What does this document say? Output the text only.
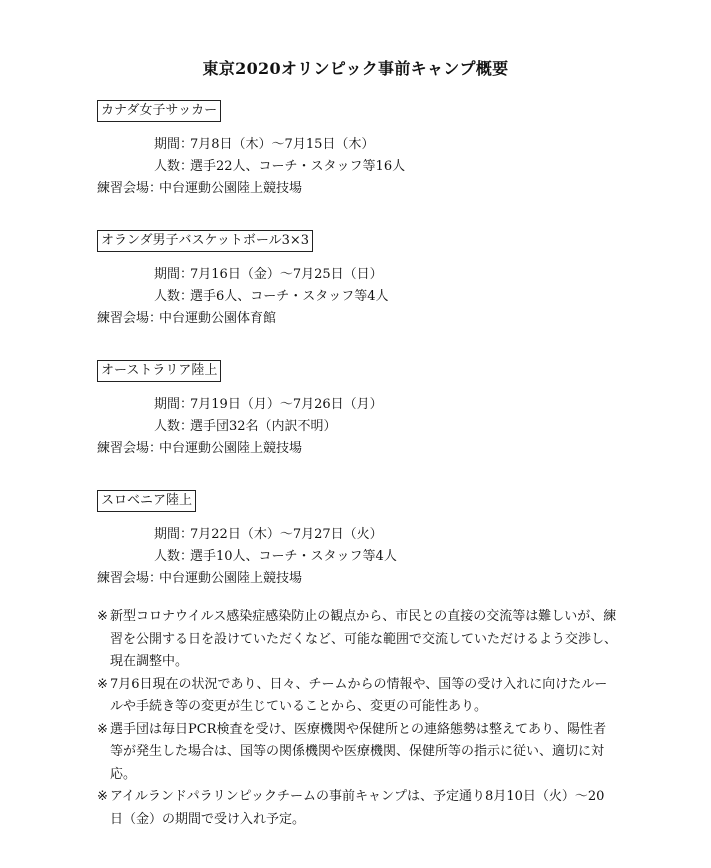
東京2020オリンピック事前キャンプ概要
カナダ女子サッカー
期間：7月8日（木）〜7月15日（木）
人数：選手22人、コーチ・スタッフ等16人
練習会場：中台運動公園陸上競技場
オランダ男子バスケットボール3×3
期間：7月16日（金）〜7月25日（日）
人数：選手6人、コーチ・スタッフ等4人
練習会場：中台運動公園体育館
オーストラリア陸上
期間：7月19日（月）〜7月26日（月）
人数：選手団32名（内訳不明）
練習会場：中台運動公園陸上競技場
スロベニア陸上
期間：7月22日（木）〜7月27日（火）
人数：選手10人、コーチ・スタッフ等4人
練習会場：中台運動公園陸上競技場

※ 新型コロナウイルス感染症感染防止の観点から、市民との直接の交流等は難しいが、練習を公開する日を設けていただくなど、可能な範囲で交流していただけるよう交渉し、現在調整中。

※ 7月6日現在の状況であり、日々、チームからの情報や、国等の受け入れに向けたルールや手続き等の変更が生じていることから、変更の可能性あり。

※ 選手団は毎日PCR検査を受け、医療機関や保健所との連絡態勢は整えてあり、陽性者等が発生した場合は、国等の関係機関や医療機関、保健所等の指示に従い、適切に対応。

※ アイルランドパラリンピックチームの事前キャンプは、予定通り8月10日（火）〜20日（金）の期間で受け入れ予定。
